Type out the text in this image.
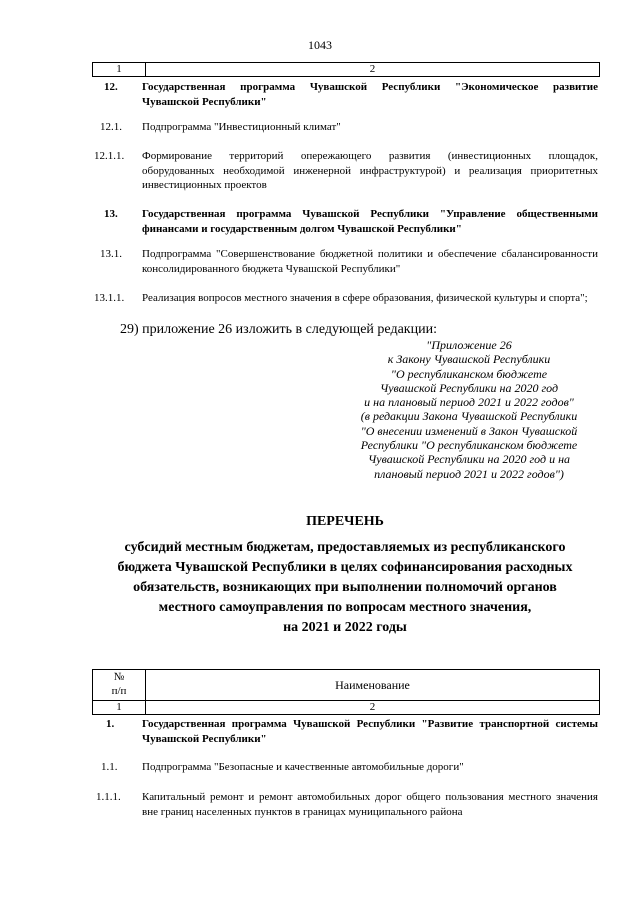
1043
1	2
12. Государственная программа Чувашской Республики "Экономическое развитие Чувашской Республики"
12.1. Подпрограмма "Инвестиционный климат"
12.1.1. Формирование территорий опережающего развития (инвестиционных площадок, оборудованных необходимой инженерной инфраструктурой) и реализация приоритетных инвестиционных проектов
13. Государственная программа Чувашской Республики "Управление общественными финансами и государственным долгом Чувашской Республики"
13.1. Подпрограмма "Совершенствование бюджетной политики и обеспечение сбалансированности консолидированного бюджета Чувашской Республики"
13.1.1. Реализация вопросов местного значения в сфере образования, физической культуры и спорта";
29) приложение 26 изложить в следующей редакции:
"Приложение 26
к Закону Чувашской Республики
"О республиканском бюджете
Чувашской Республики на 2020 год
и на плановый период 2021 и 2022 годов"
(в редакции Закона Чувашской Республики
"О внесении изменений в Закон Чувашской
Республики "О республиканском бюджете
Чувашской Республики на 2020 год и на
плановый период 2021 и 2022 годов")
ПЕРЕЧЕНЬ
субсидий местным бюджетам, предоставляемых из республиканского
бюджета Чувашской Республики в целях софинансирования расходных
обязательств, возникающих при выполнении полномочий органов
местного самоуправления по вопросам местного значения,
на 2021 и 2022 годы
№
п/п	Наименование
1	2
1.	Государственная программа Чувашской Республики "Развитие транспортной системы Чувашской Республики"
1.1. Подпрограмма "Безопасные и качественные автомобильные дороги"
1.1.1. Капитальный ремонт и ремонт автомобильных дорог общего пользования местного значения вне границ населенных пунктов в границах муниципального района
